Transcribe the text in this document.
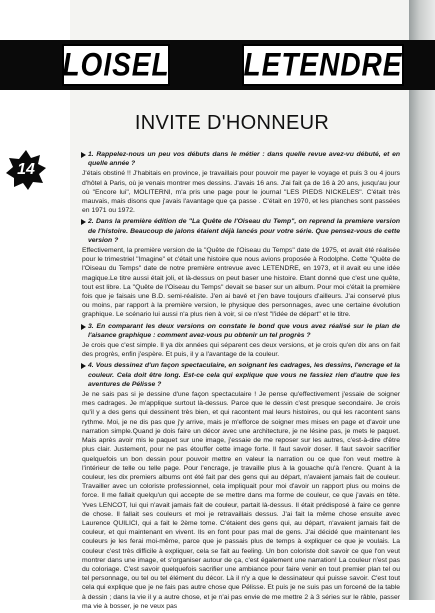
LOISEL	LETENDRE
INVITE D'HONNEUR
14
1. Rappelez-nous un peu vos débuts dans le métier : dans quelle revue avez-vu débuté, et en quelle année ?
J'étais obstiné !! J'habitais en province, je travaillais pour pouvoir me payer le voyage et puis 3 ou 4 jours d'hôtel à Paris, où je venais montrer mes dessins. J'avais 16 ans. J'ai fait ça de 16 à 20 ans, jusqu'au jour où "Encore lui", MOLITERNI, m'a pris une page pour le journal "LES PIEDS NICKELES". C'était très mauvais, mais disons que j'avais l'avantage que ça passe . C'était en 1970, et les planches sont passées en 1971 ou 1972.
2. Dans la première édition de "La Quête de l'Oiseau du Temp", on reprend la premiere version de l'histoire. Beaucoup de jalons étaient déjà lancés pour votre série. Que pensez-vous de cette version ?
Effectivement, la première version de la "Quête de l'Oiseau du Temps" date de 1975, et avait été réalisée pour le trimestriel "Imagine" et c'était une histoire que nous avions proposée à Rodolphe. Cette "Quête de l'Oiseau du Temps" date de notre première entrevue avec LETENDRE, en 1973, et il avait eu une idée magique.Le titre aussi était joli, et là-dessus on peut baser une histoire. Etant donné que c'est une quête, tout est libre. La "Quête de l'Oiseau du Temps" devait se baser sur un album. Pour moi c'était la première fois que je faisais une B.D. semi-réaliste. J'en ai bavé et j'en bave toujours d'ailleurs. J'ai conservé plus ou moins, par rapport à la première version, le physique des personnages, avec une certaine évolution graphique. Le scénario lui aussi n'a plus rien à voir, si ce n'est "l'idée de départ" et le titre.
3. En comparant les deux versions on constate le bond que vous avez réalisé sur le plan de l'aisance graphique : comment avez-vous pu obtenir un tel progrès ?
Je crois que c'est simple. Il ya dix années qui séparent ces deux versions, et je crois qu'en dix ans on fait des progrès, enfin j'espère. Et puis, il y a l'avantage de la couleur.
4. Vous dessinez d'un façon spectaculaire, en soignant les cadrages, les dessins, l'encrage et la couleur. Cela doit être long. Est-ce cela qui explique que vous ne fassiez rien d'autre que les aventures de Pélisse ?
Je ne sais pas si je dessine d'une façon spectaculaire ! Je pense qu'effectivement j'essaie de soigner mes cadrages. Je m'applique surtout là-dessus. Parce que le dessin c'est presque secondaire. Je crois qu'il y a des gens qui dessinent très bien, et qui racontent mal leurs histoires, ou qui les racontent sans rythme. Moi, je ne dis pas que j'y arrive, mais je m'efforce de soigner mes mises en page et d'avoir une narration simple.Quand je dois faire un décor avec une architecture, je ne lésine pas, je mets le paquet. Mais après avoir mis le paquet sur une image, j'essaie de me reposer sur les autres, c'est-à-dire d'être plus clair. Justement, pour ne pas étouffer cette image forte. Il faut savoir doser. Il faut savoir sacrifier quelquefois un bon dessin pour pouvoir mettre en valeur la narration ou ce que l'on veut mettre à l'intérieur de telle ou telle page. Pour l'encrage, je travaille plus à la gouache qu'à l'encre. Quant à la couleur, les dix premiers albums ont été fait par des gens qui au départ, n'avaient jamais fait de couleur. Travailler avec un coloriste professionnel, cela impliquait pour moi d'avoir un rapport plus ou moins de force. Il me fallait quelqu'un qui accepte de se mettre dans ma forme de couleur, ce que j'avais en tête. Yves LENCOT, lui qui n'avait jamais fait de couleur, partait là-dessus. Il était prédisposé à faire ce genre de chose. Il fallait ses couleurs et moi je retravaillais dessus. J'ai fait la même chose ensuite avec Laurence QUILICI, qui a fait le 2ème tome. C'étaient des gens qui, au départ, n'avaient jamais fait de couleur, et qui maintenant en vivent. Ils en font pour pas mal de gens. J'ai décidé que maintenant les couleurs je les ferai moi-même, parce que je passais plus de temps à expliquer ce que je voulais. La couleur c'est très difficile à expliquer, cela se fait au feeling. Un bon coloriste doit savoir ce que l'on veut montrer dans une image, et s'organiser autour de ça, c'est également une narration! La couleur n'est pas du coloriage. C'est savoir quelquefois sacrifier une ambiance pour faire venir en tout premier plan tel ou tel personnage, ou tel ou tel élément du décor. Là il n'y a que le dessinateur qui puisse savoir. C'est tout cela qui explique que je ne fais pas autre chose que Pélisse. Et puis je ne suis pas un forcené de la table à dessin ; dans la vie il y a autre chose, et je n'ai pas envie de me mettre 2 à 3 séries sur le râble, passer ma vie à bosser, je ne veux pas
